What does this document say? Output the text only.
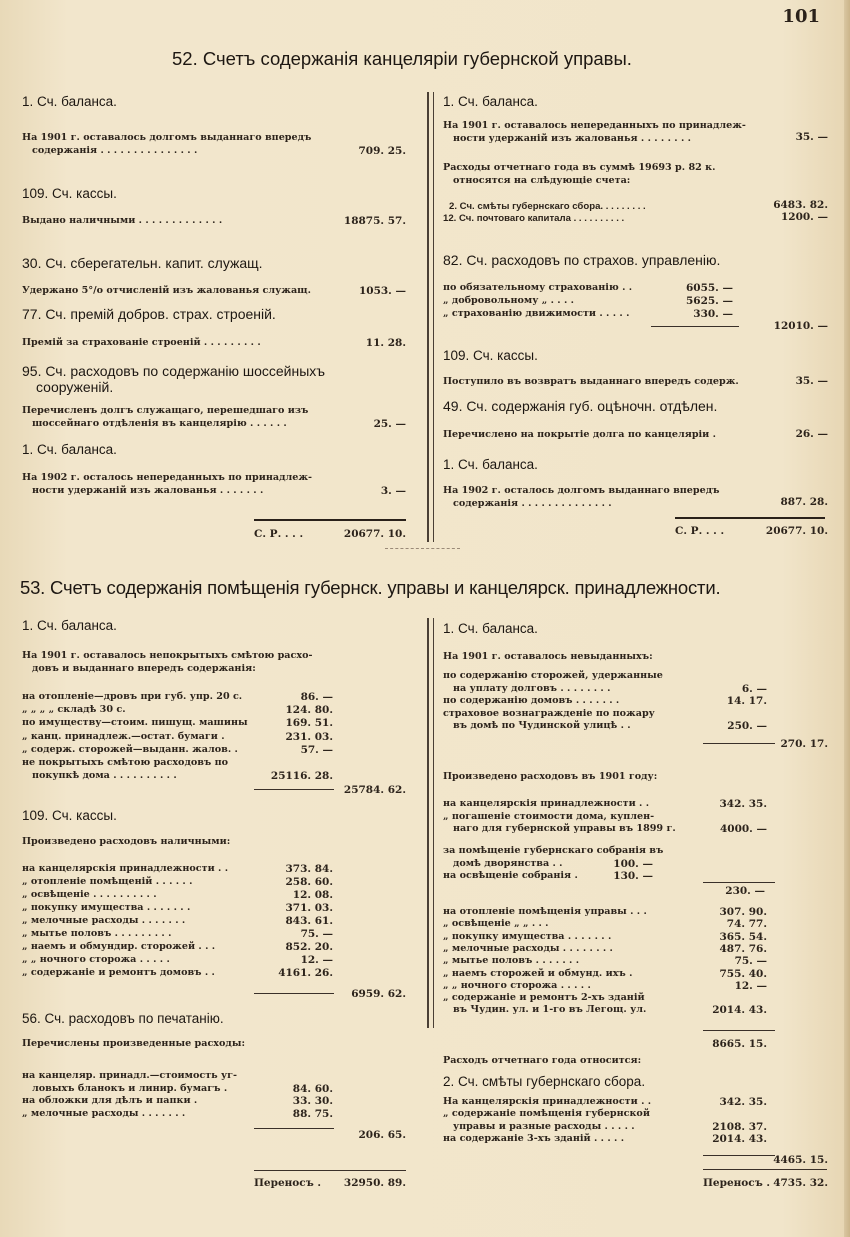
101
52. Счетъ содержанія канцеляріи губернской управы.
1. Сч. баланса.
На 1901 г. оставалось долгомъ выданнаго впередъ
содержанія . . . . . . . . . . . . . . .	709. 25.
109. Сч. кассы.
Выдано наличными . . . . . . . . . . . . .	18875. 57.
30. Сч. сберегательн. капит. служащ.
Удержано 5°/о отчисленій изъ жалованья служащ.	1053. —
77. Сч. премій добров. страх. строеній.
Премій за страхованіе строеній . . . . . . . . .	11. 28.
95. Сч. расходовъ по содержанію шоссейныхъ
сооруженій.
Перечисленъ долгъ служащаго, перешедшаго изъ
шоссейнаго отдѣленія въ канцелярію . . . . . .	25. —
1. Сч. баланса.
На 1902 г. осталось непереданныхъ по принадлеж-
ности удержаній изъ жалованья . . . . . . .	3. —
С. Р. . . .	20677. 10.
1. Сч. баланса.
На 1901 г. оставалось непереданныхъ по принадлеж-
ности удержаній изъ жалованья . . . . . . . .	35. —
Расходы отчетнаго года въ суммѣ 19693 р. 82 к.
относятся на слѣдующіе счета:
2. Сч. смѣты губернскаго сбора. . . . . . . . .	6483. 82.
12. Сч. почтоваго капитала . . . . . . . . . .	1200. —
82. Сч. расходовъ по страхов. управленію.
по обязательному страхованію . .	6055. —
„ добровольному „ . . . .	5625. —
„ страхованію движимости . . . . .	330. —
12010. —
109. Сч. кассы.
Поступило въ возвратъ выданнаго впередъ содерж.	35. —
49. Сч. содержанія губ. оцѣночн. отдѣлен.
Перечислено на покрытіе долга по канцеляріи .	26. —
1. Сч. баланса.
На 1902 г. осталось долгомъ выданнаго впередъ
содержанія . . . . . . . . . . . . . .	887. 28.
С. Р. . . .	20677. 10.
53. Счетъ содержанія помѣщенія губернск. управы и канцелярск. принадлежности.
1. Сч. баланса.
На 1901 г. оставалось непокрытыхъ смѣтою расхо-
довъ и выданнаго впередъ содержанія:
на отопленіе—дровъ при губ. упр. 20 с.	86. —
„ „ „ „ складѣ 30 с.	124. 80.
по имуществу—стоим. пишущ. машины	169. 51.
„ канц. принадлеж.—остат. бумаги .	231. 03.
„ содерж. сторожей—выданн. жалов. .	57. —
не покрытыхъ смѣтою расходовъ по
покупкѣ дома . . . . . . . . . .	25116. 28.
25784. 62.
109. Сч. кассы.
Произведено расходовъ наличными:
на канцелярскія принадлежности . .	373. 84.
„ отопленіе помѣщеній . . . . . .	258. 60.
„ освѣщеніе . . . . . . . . . .	12. 08.
„ покупку имущества . . . . . . .	371. 03.
„ мелочные расходы . . . . . . .	843. 61.
„ мытье половъ . . . . . . . . .	75. —
„ наемъ и обмундир. сторожей . . .	852. 20.
„ „ ночного сторожа . . . . .	12. —
„ содержаніе и ремонтъ домовъ . .	4161. 26.
6959. 62.
56. Сч. расходовъ по печатанію.
Перечислены произведенные расходы:
на канцеляр. принадл.—стоимость уг-
ловыхъ бланокъ и линир. бумагъ .	84. 60.
на обложки для дѣлъ и папки .	33. 30.
„ мелочные расходы . . . . . . .	88. 75.
206. 65.
Переносъ . 32950. 89.
1. Сч. баланса.
На 1901 г. оставалось невыданныхъ:
по содержанію сторожей, удержанные
на уплату долговъ . . . . . . . .	6. —
по содержанію домовъ . . . . . . .	14. 17.
страховое вознагражденіе по пожару
въ домѣ по Чудинской улицѣ . .	250. —
270. 17.
Произведено расходовъ въ 1901 году:
на канцелярскія принадлежности . .	342. 35.
„ погашеніе стоимости дома, куплен-
наго для губернской управы въ 1899 г.	4000. —
за помѣщеніе губернскаго собранія въ
домѣ дворянства . .	100. —
на освѣщеніе собранія .	130. —
230. —
на отопленіе помѣщенія управы . . .	307. 90.
„ освѣщеніе „ „ . . .	74. 77.
„ покупку имущества . . . . . . .	365. 54.
„ мелочные расходы . . . . . . . .	487. 76.
„ мытье половъ . . . . . . .	75. —
„ наемъ сторожей и обмунд. ихъ .	755. 40.
„ „ ночного сторожа . . . . .	12. —
„ содержаніе и ремонтъ 2-хъ зданій
въ Чудин. ул. и 1-го въ Легощ. ул.	2014. 43.
8665. 15.
Расходъ отчетнаго года относится:
2. Сч. смѣты губернскаго сбора.
На канцелярскія принадлежности . .	342. 35.
„ содержаніе помѣщенія губернской
управы и разные расходы . . . . .	2108. 37.
на содержаніе 3-хъ зданій . . . . .	2014. 43.
4465. 15.
Переносъ . 4735. 32.
